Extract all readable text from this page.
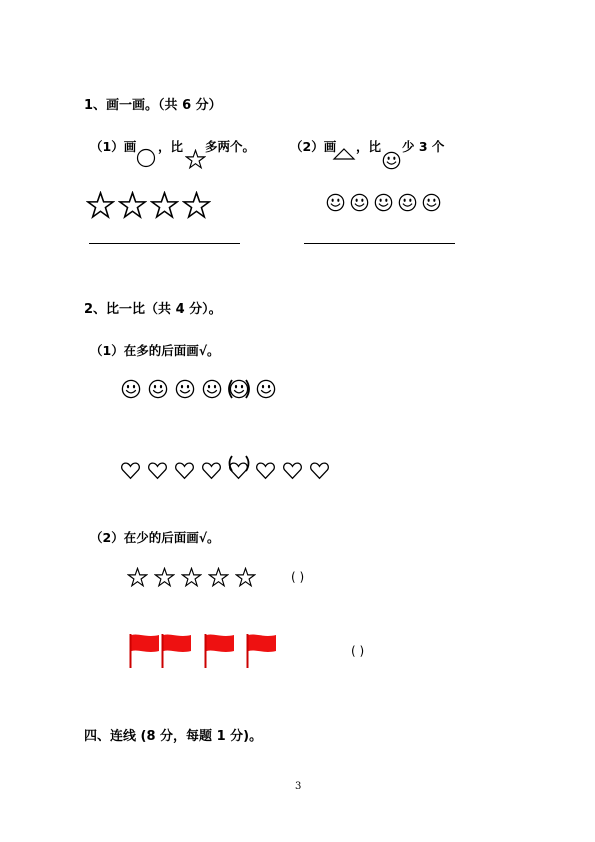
1、画一画。（共 6 分）
（1）画 ，比 多两个。	（2）画 ，比 少 3 个
2、比一比（共 4 分）。
（1）在多的后面画√。
（2）在少的后面画√。
( )
( )
四、连线 (8 分，每题 1 分)。
3
